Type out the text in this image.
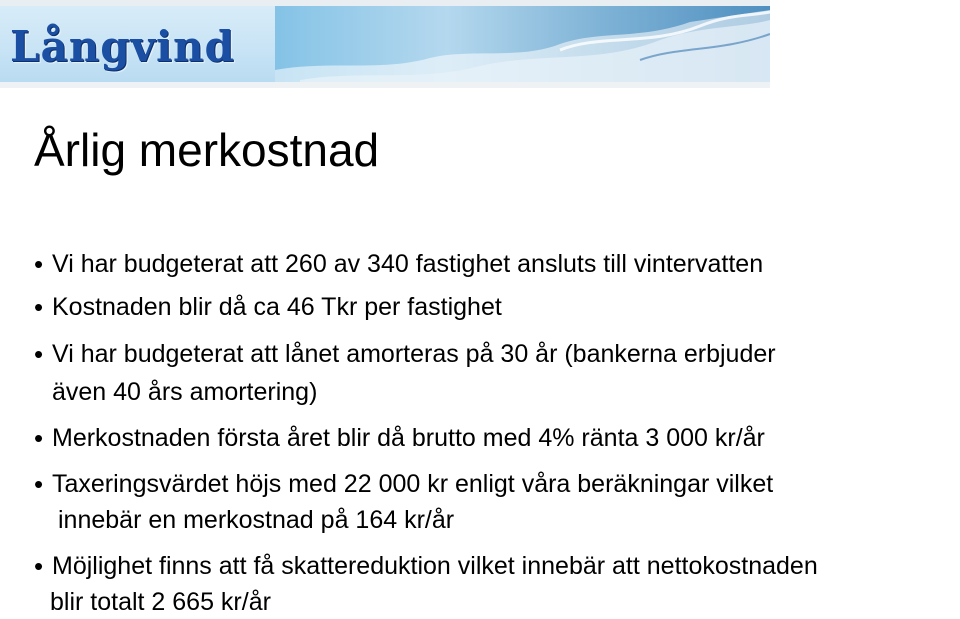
Långvind
Årlig merkostnad
• Vi har budgeterat att 260 av 340 fastighet ansluts till vintervatten
• Kostnaden blir då ca 46 Tkr per fastighet
• Vi har budgeterat att lånet amorteras på 30 år (bankerna erbjuder
även 40 års amortering)
• Merkostnaden första året blir då brutto med 4% ränta 3 000 kr/år
• Taxeringsvärdet höjs med 22 000 kr enligt våra beräkningar vilket
innebär en merkostnad på 164 kr/år
• Möjlighet finns att få skattereduktion vilket innebär att nettokostnaden
blir totalt 2 665 kr/år
